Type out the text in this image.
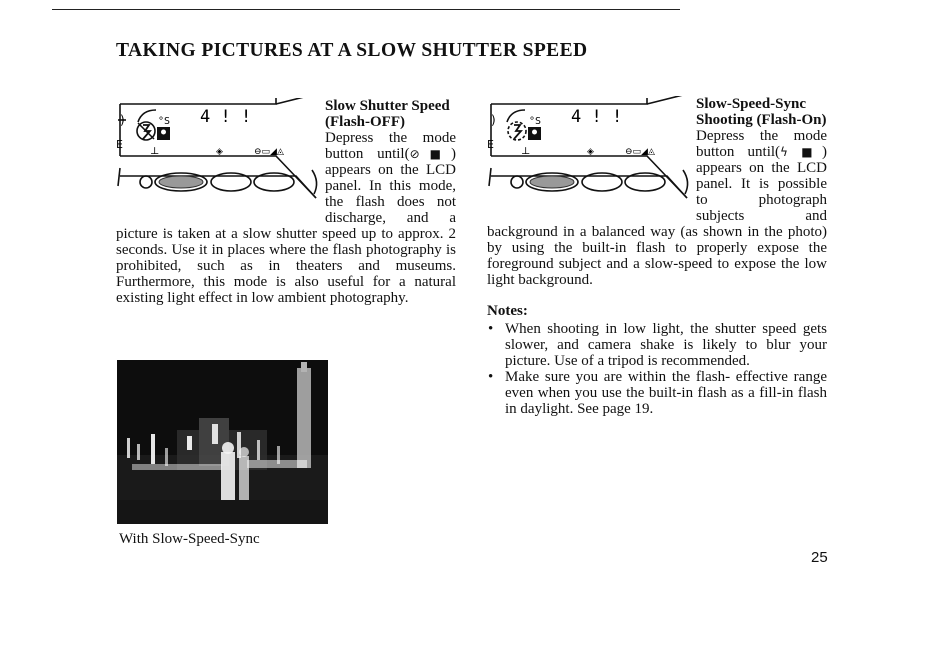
TAKING PICTURES AT A SLOW SHUTTER SPEED
)
E
°S 4 ! !
⊥	◈	⊖▭◢◬

Slow Shutter Speed (Flash-OFF)

Depress the mode button until(⊘■) appears on the LCD panel. In this mode, the flash does not discharge, and a picture is taken at a slow shutter speed up to approx. 2 seconds. Use it in places where the flash photography is prohibited, such as in theaters and museums. Furthermore, this mode is also useful for a natural existing light effect in low ambient photography.

With Slow-Speed-Sync
)
E
°S 4 ! !
⊥	◈	⊖▭◢◬

Slow-Speed-Sync Shooting (Flash-On)

Depress the mode button until(ϟ ■) appears on the LCD panel. It is possible to photograph subjects and background in a balanced way (as shown in the photo) by using the built-in flash to properly expose the foreground subject and a slow-speed to expose the low light background.

Notes:

• When shooting in low light, the shutter speed gets slower, and camera shake is likely to blur your picture. Use of a tripod is recommended.
• Make sure you are within the flash- effective range even when you use the built-in flash as a fill-in flash in daylight. See page 19.
25
